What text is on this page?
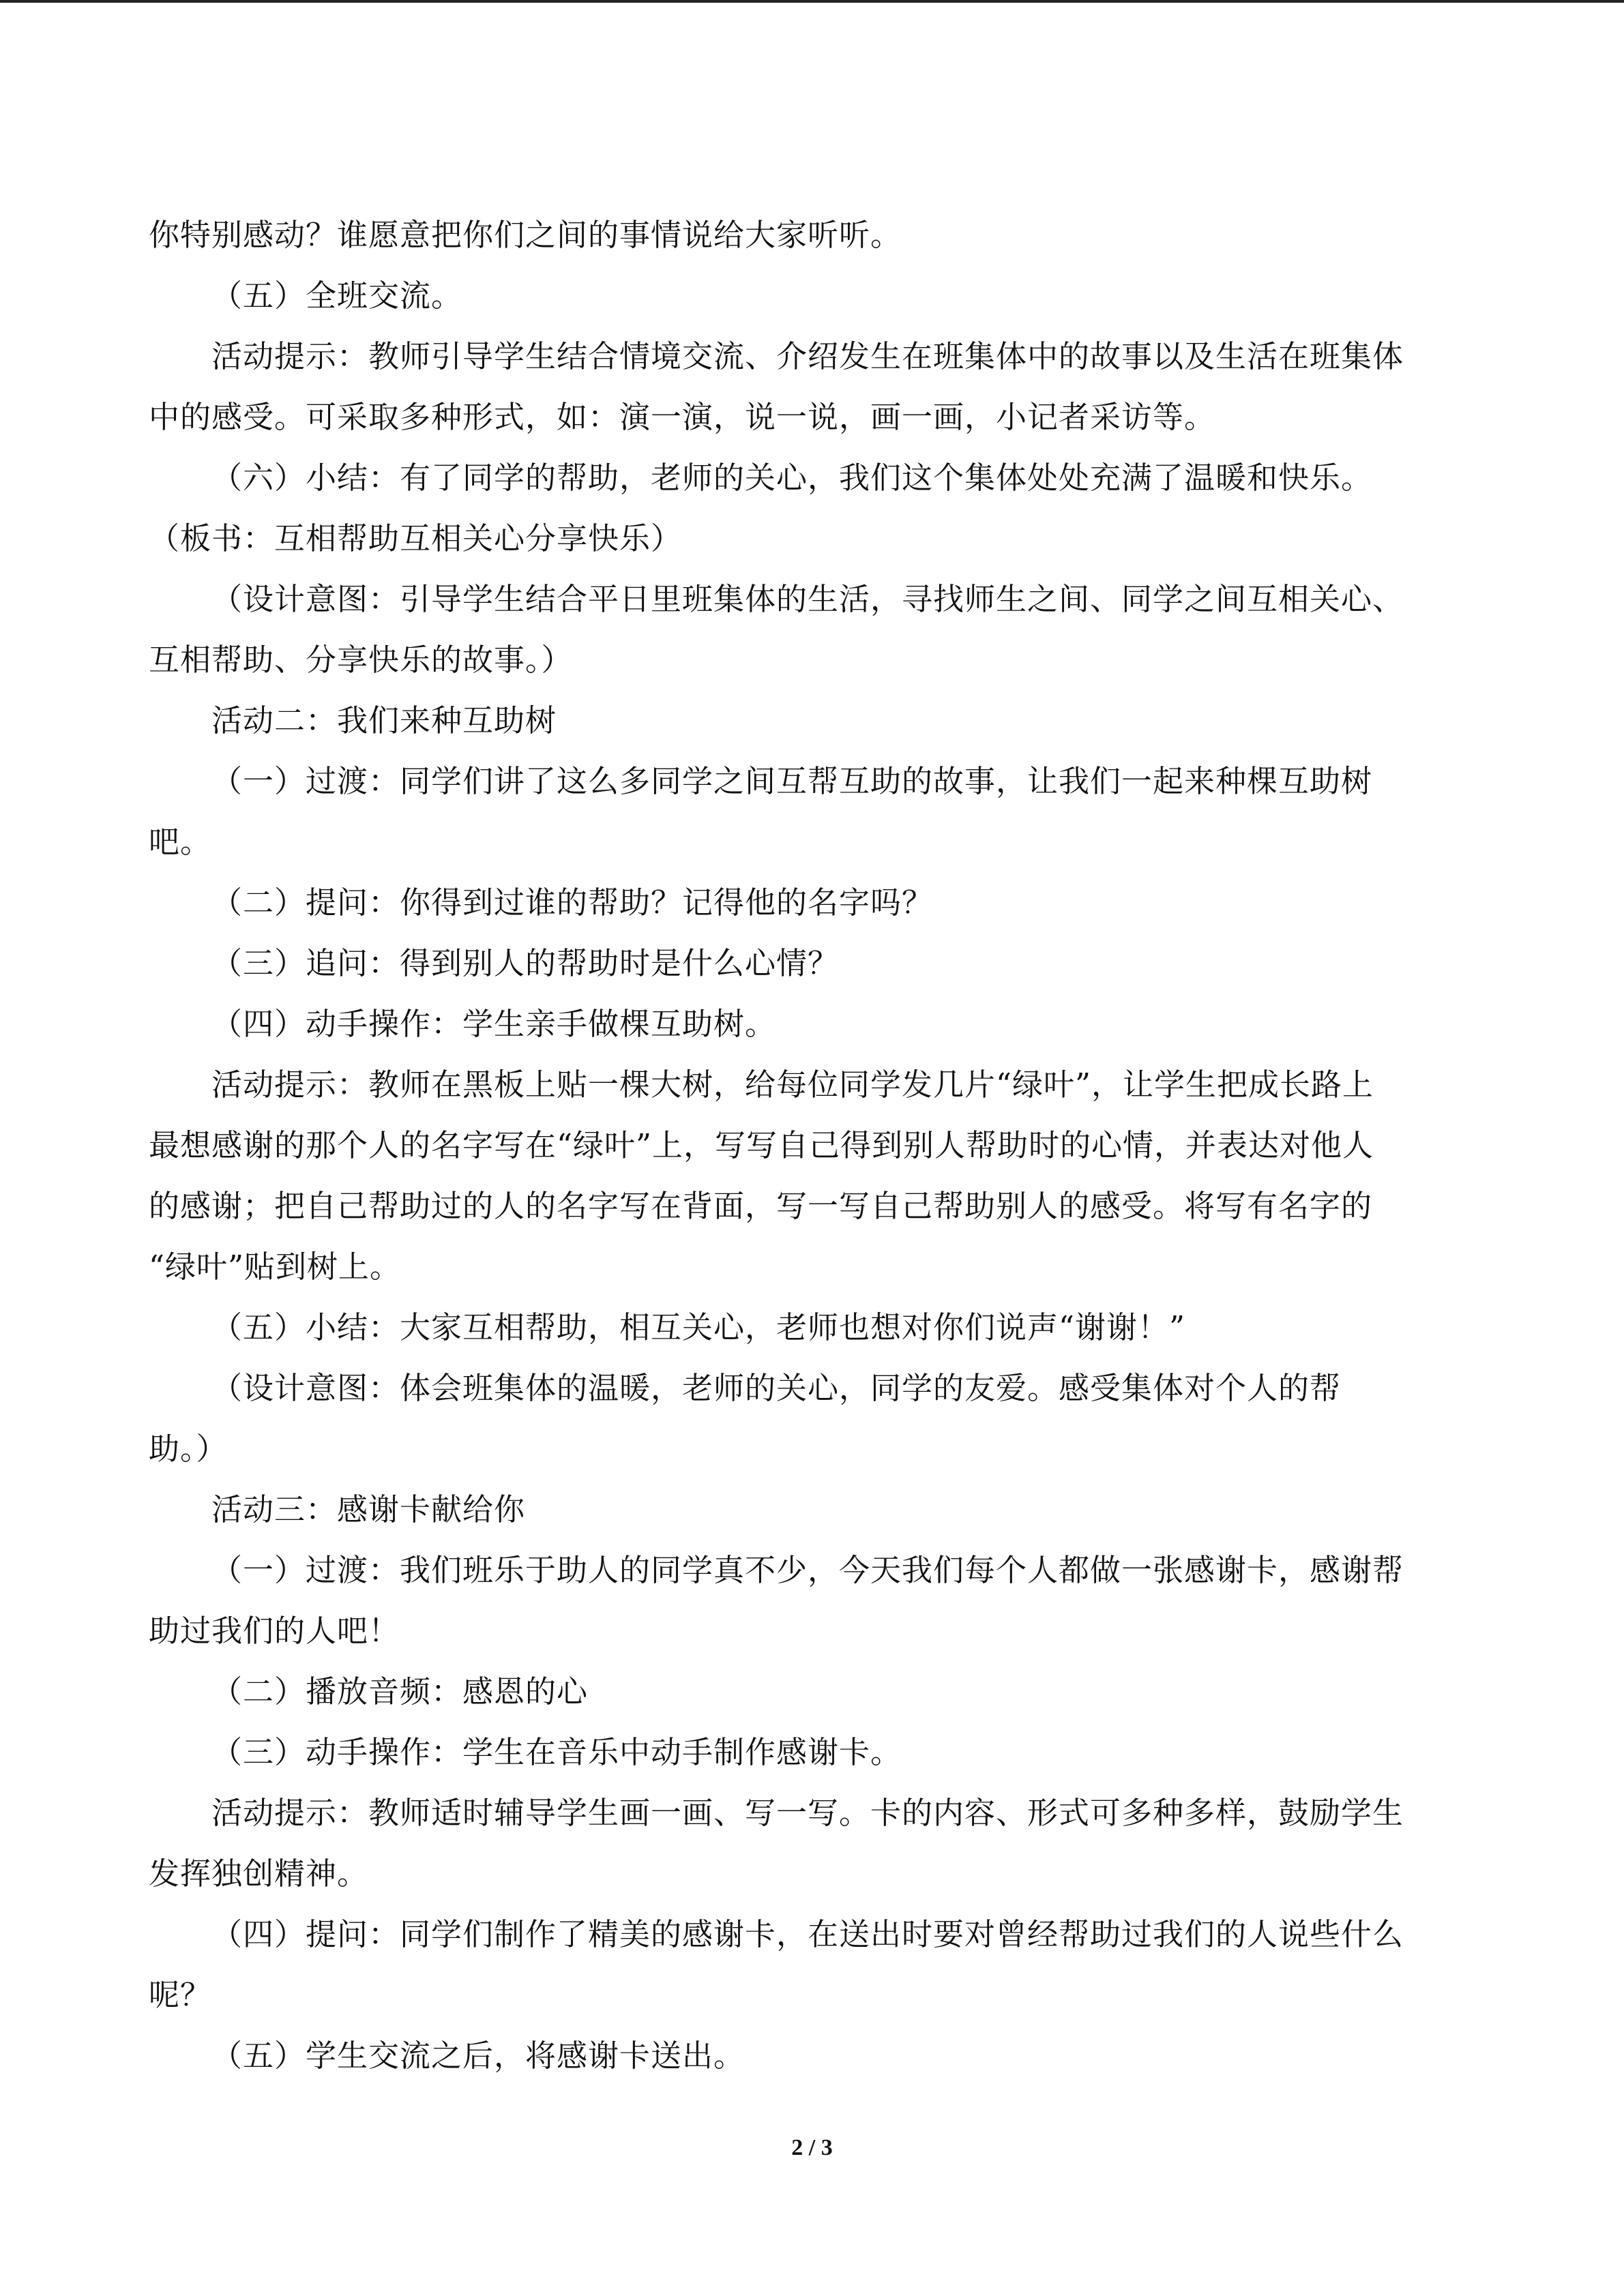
你特别感动？谁愿意把你们之间的事情说给大家听听。
（五）全班交流。
活动提示：教师引导学生结合情境交流、介绍发生在班集体中的故事以及生活在班集体
中的感受。可采取多种形式，如：演一演，说一说，画一画，小记者采访等。
（六）小结：有了同学的帮助，老师的关心，我们这个集体处处充满了温暖和快乐。
（板书：互相帮助互相关心分享快乐）
（设计意图：引导学生结合平日里班集体的生活，寻找师生之间、同学之间互相关心、
互相帮助、分享快乐的故事。）
活动二：我们来种互助树
（一）过渡：同学们讲了这么多同学之间互帮互助的故事，让我们一起来种棵互助树
吧。
（二）提问：你得到过谁的帮助？记得他的名字吗？
（三）追问：得到别人的帮助时是什么心情？
（四）动手操作：学生亲手做棵互助树。
活动提示：教师在黑板上贴一棵大树，给每位同学发几片“绿叶”，让学生把成长路上
最想感谢的那个人的名字写在“绿叶”上，写写自己得到别人帮助时的心情，并表达对他人
的感谢；把自己帮助过的人的名字写在背面，写一写自己帮助别人的感受。将写有名字的
“绿叶”贴到树上。
（五）小结：大家互相帮助，相互关心，老师也想对你们说声“谢谢！”
（设计意图：体会班集体的温暖，老师的关心，同学的友爱。感受集体对个人的帮
助。）
活动三：感谢卡献给你
（一）过渡：我们班乐于助人的同学真不少，今天我们每个人都做一张感谢卡，感谢帮
助过我们的人吧！
（二）播放音频：感恩的心
（三）动手操作：学生在音乐中动手制作感谢卡。
活动提示：教师适时辅导学生画一画、写一写。卡的内容、形式可多种多样，鼓励学生
发挥独创精神。
（四）提问：同学们制作了精美的感谢卡，在送出时要对曾经帮助过我们的人说些什么
呢？
（五）学生交流之后，将感谢卡送出。
2 / 3
